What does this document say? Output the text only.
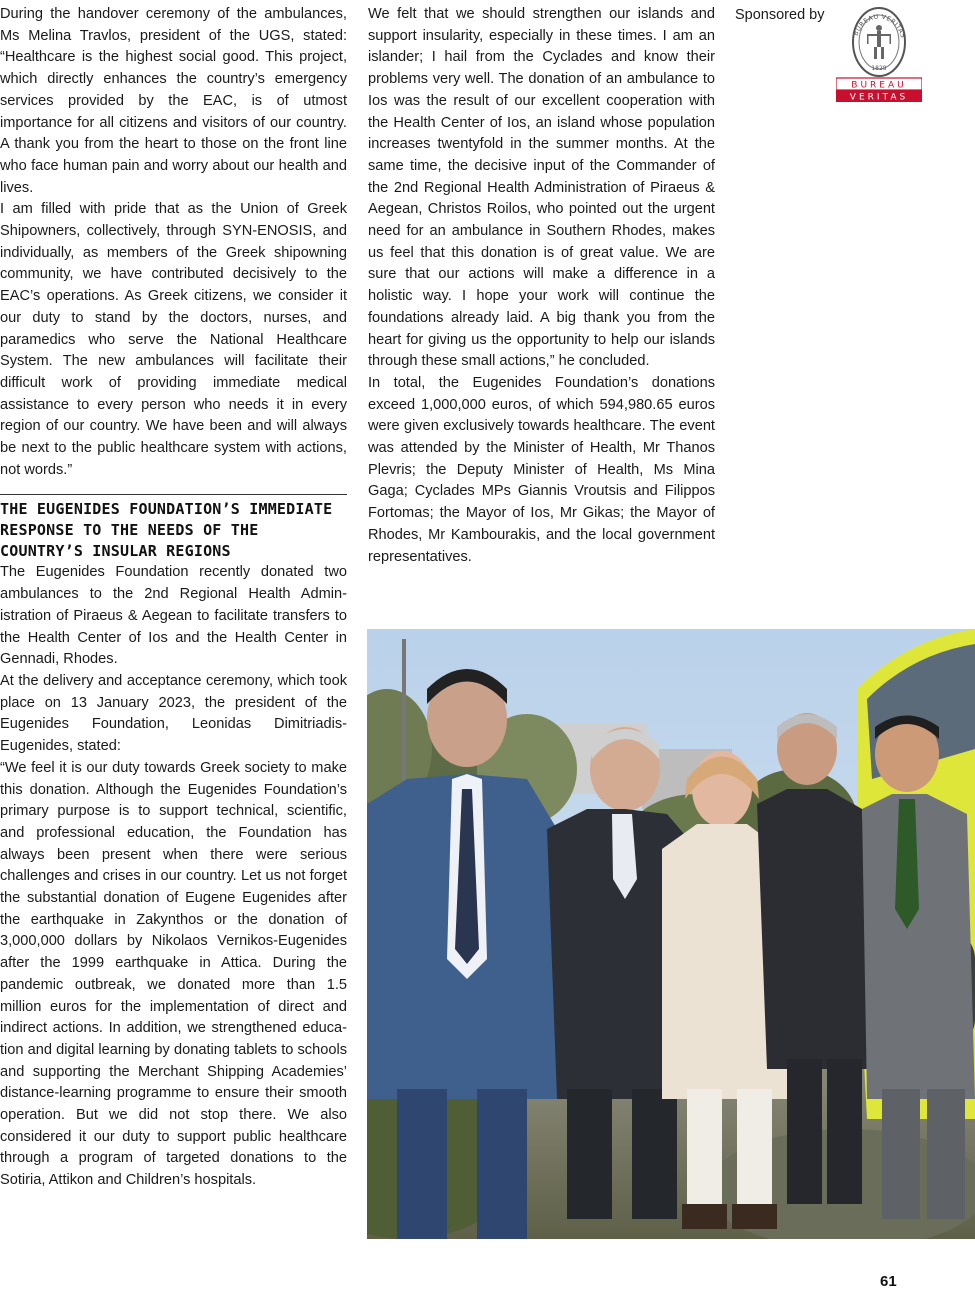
During the handover ceremony of the ambulances, Ms Melina Travlos, president of the UGS, stated: “Healthcare is the highest social good. This project, which directly enhances the country’s emergency services provided by the EAC, is of utmost importance for all citizens and visitors of our country. A thank you from the heart to those on the front line who face human pain and worry about our health and lives.

I am filled with pride that as the Union of Greek Shipowners, collectively, through SYN-ENOSIS, and individually, as members of the Greek shipowning community, we have contributed decisively to the EAC’s operations. As Greek citizens, we consider it our duty to stand by the doctors, nurses, and paramedics who serve the National Healthcare System. The new ambulances will facilitate their difficult work of providing immediate medical assistance to every person who needs it in every region of our country. We have been and will always be next to the public healthcare system with actions, not words.”

THE EUGENIDES FOUNDATION’S IMMEDIATE RESPONSE TO THE NEEDS OF THE COUNTRY’S INSULAR REGIONS

The Eugenides Foundation recently donated two ambulances to the 2nd Regional Health Administration of Piraeus & Aegean to facilitate transfers to the Health Center of Ios and the Health Center in Gennadi, Rhodes.

At the delivery and acceptance ceremony, which took place on 13 January 2023, the president of the Eugenides Foundation, Leonidas Dimitriadis-Eugenides, stated:

“We feel it is our duty towards Greek society to make this donation. Although the Eugenides Foundation’s primary purpose is to support technical, scientific, and professional education, the Foundation has always been present when there were serious challenges and crises in our country. Let us not forget the substantial donation of Eugene Eugenides after the earthquake in Zakynthos or the donation of 3,000,000 dollars by Nikolaos Vernikos-Eugenides after the 1999 earthquake in Attica. During the pandemic outbreak, we donated more than 1.5 million euros for the implementation of direct and indirect actions. In addition, we strengthened education and digital learning by donating tablets to schools and supporting the Merchant Shipping Academies’ distance-learning programme to ensure their smooth operation. But we did not stop there. We also considered it our duty to support public healthcare through a program of targeted donations to the Sotiria, Attikon and Children’s hospitals.

We felt that we should strengthen our islands and support insularity, especially in these times. I am an islander; I hail from the Cyclades and know their problems very well. The donation of an ambulance to Ios was the result of our excellent cooperation with the Health Center of Ios, an island whose population increases twentyfold in the summer months. At the same time, the decisive input of the Commander of the 2nd Regional Health Administration of Piraeus & Aegean, Christos Roilos, who pointed out the urgent need for an ambulance in Southern Rhodes, makes us feel that this donation is of great value. We are sure that our actions will make a difference in a holistic way. I hope your work will continue the foundations already laid. A big thank you from the heart for giving us the opportunity to help our islands through these small actions,” he concluded.

In total, the Eugenides Foundation’s donations exceed 1,000,000 euros, of which 594,980.65 euros were given exclusively towards healthcare. The event was attended by the Minister of Health, Mr Thanos Plevris; the Deputy Minister of Health, Ms Mina Gaga; Cyclades MPs Giannis Vroutsis and Filippos Fortomas; the Mayor of Ios, Mr Gikas; the Mayor of Rhodes, Mr Kambourakis, and the local government representatives.

Sponsored by
BUREAU VERITAS
1828
BUREAU
VERITAS
61
